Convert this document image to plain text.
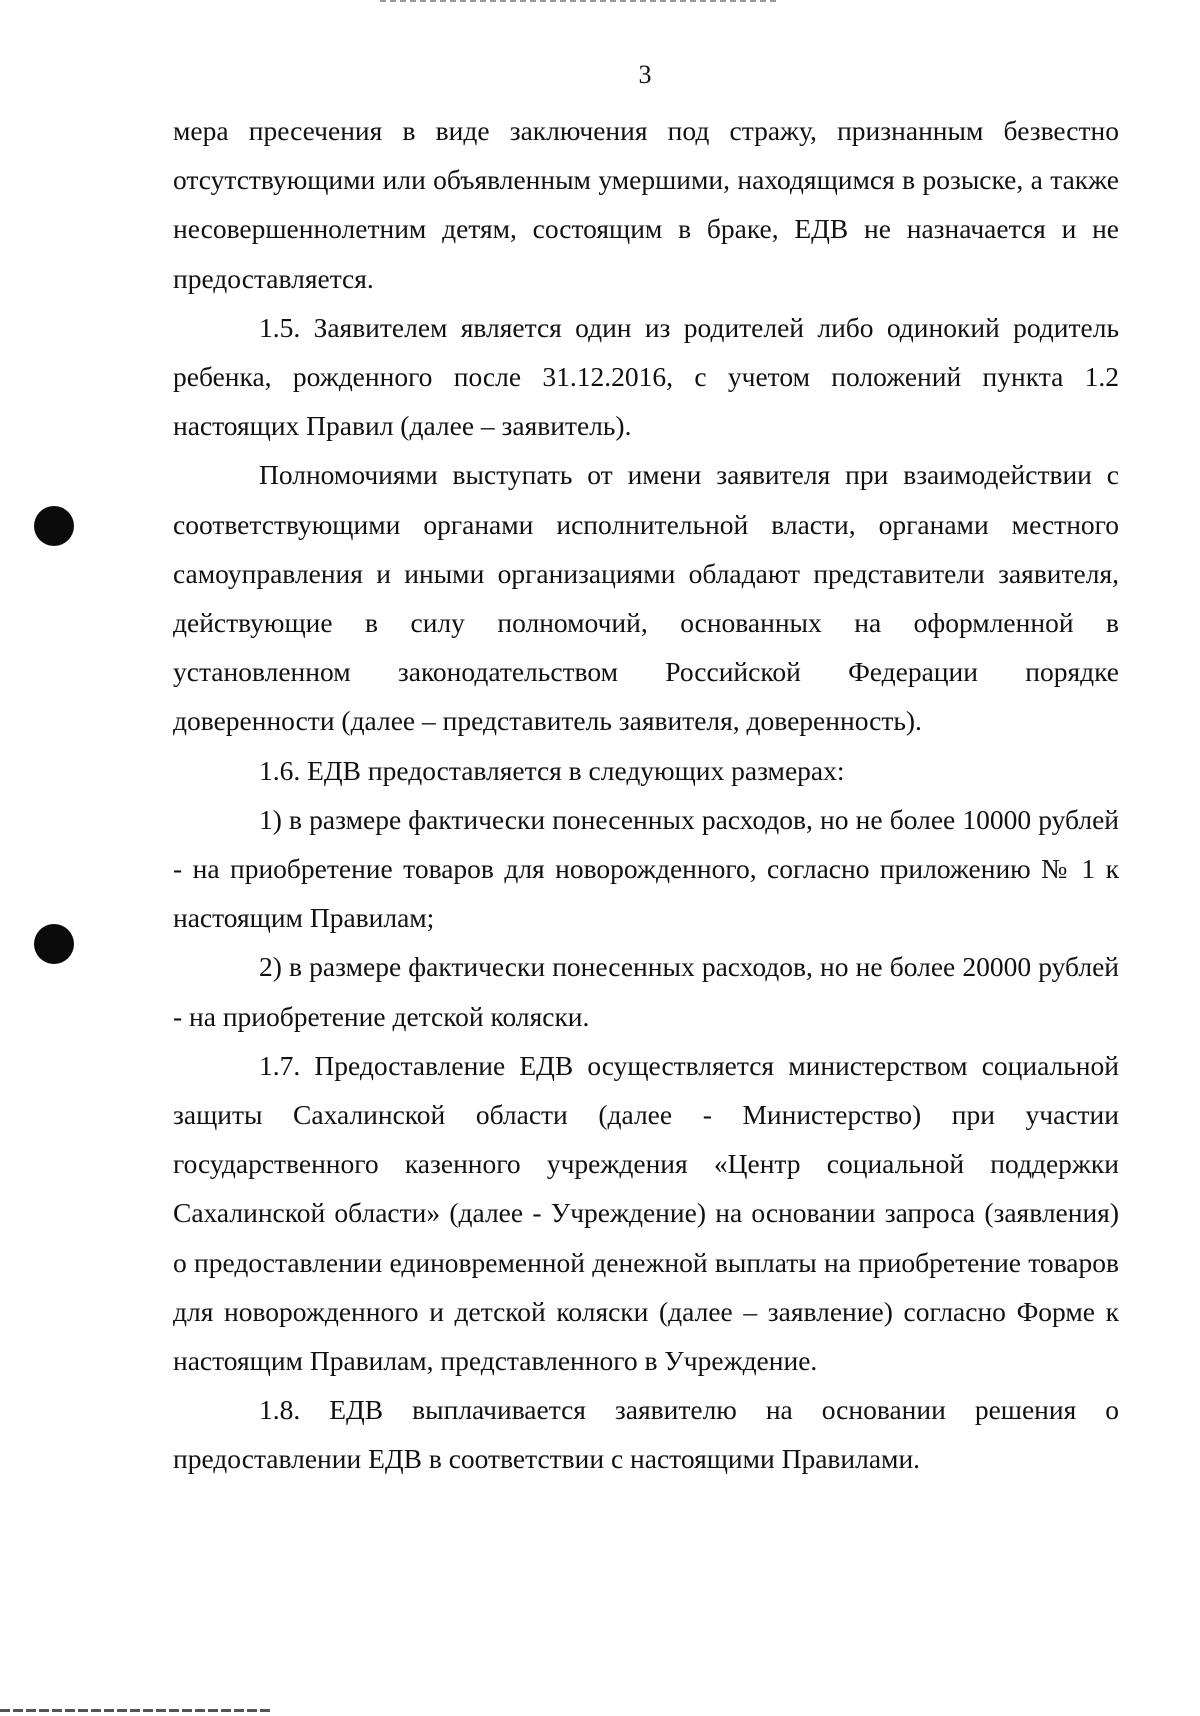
3

мера пресечения в виде заключения под стражу, признанным безвестно отсутствующими или объявленным умершими, находящимся в розыске, а также несовершеннолетним детям, состоящим в браке, ЕДВ не назначается и не предоставляется.

1.5. Заявителем является один из родителей либо одинокий родитель ребенка, рожденного после 31.12.2016, с учетом положений пункта 1.2 настоящих Правил (далее – заявитель).

Полномочиями выступать от имени заявителя при взаимодействии с соответствующими органами исполнительной власти, органами местного самоуправления и иными организациями обладают представители заявителя, действующие в силу полномочий, основанных на оформленной в установленном законодательством Российской Федерации порядке доверенности (далее – представитель заявителя, доверенность).

1.6. ЕДВ предоставляется в следующих размерах:

1) в размере фактически понесенных расходов, но не более 10000 рублей - на приобретение товаров для новорожденного, согласно приложению № 1 к настоящим Правилам;

2) в размере фактически понесенных расходов, но не более 20000 рублей - на приобретение детской коляски.

1.7. Предоставление ЕДВ осуществляется министерством социальной защиты Сахалинской области (далее - Министерство) при участии государственного казенного учреждения «Центр социальной поддержки Сахалинской области» (далее - Учреждение) на основании запроса (заявления) о предоставлении единовременной денежной выплаты на приобретение товаров для новорожденного и детской коляски (далее – заявление) согласно Форме к настоящим Правилам, представленного в Учреждение.

1.8. ЕДВ выплачивается заявителю на основании решения о предоставлении ЕДВ в соответствии с настоящими Правилами.
